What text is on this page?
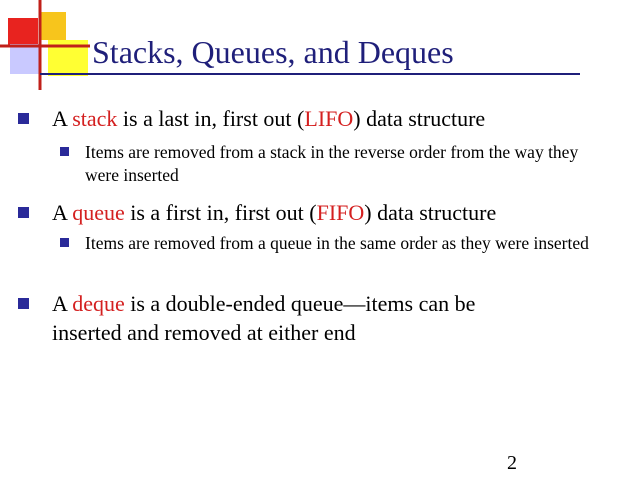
Stacks, Queues, and Deques
A stack is a last in, first out (LIFO) data structure
Items are removed from a stack in the reverse order from the way they were inserted
A queue is a first in, first out (FIFO) data structure
Items are removed from a queue in the same order as they were inserted
A deque is a double-ended queue—items can be inserted and removed at either end
2
